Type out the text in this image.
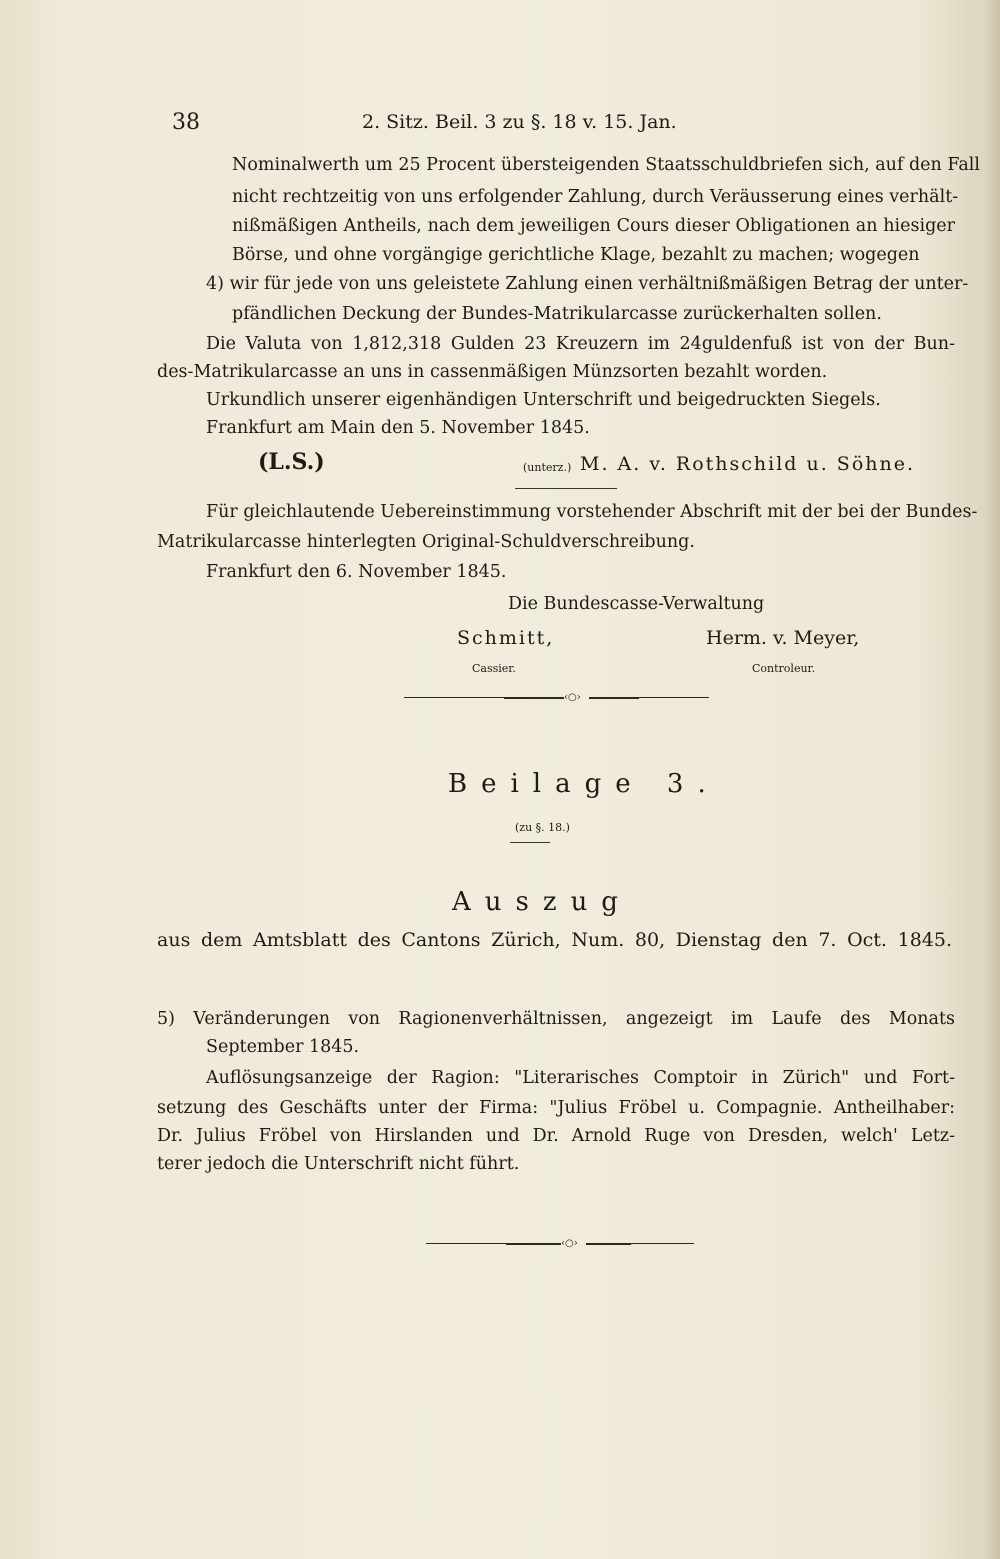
38	2. Sitz. Beil. 3 zu §. 18 v. 15. Jan.
Nominalwerth um 25 Procent übersteigenden Staatsschuldbriefen sich, auf den Fall
nicht rechtzeitig von uns erfolgender Zahlung, durch Veräusserung eines verhält-
nißmäßigen Antheils, nach dem jeweiligen Cours dieser Obligationen an hiesiger
Börse, und ohne vorgängige gerichtliche Klage, bezahlt zu machen; wogegen
4) wir für jede von uns geleistete Zahlung einen verhältnißmäßigen Betrag der unter-
pfändlichen Deckung der Bundes-Matrikularcasse zurückerhalten sollen.
Die Valuta von 1,812,318 Gulden 23 Kreuzern im 24guldenfuß ist von der Bun-
des-Matrikularcasse an uns in cassenmäßigen Münzsorten bezahlt worden.
Urkundlich unserer eigenhändigen Unterschrift und beigedruckten Siegels.
Frankfurt am Main den 5. November 1845.
(L.S.)	(unterz.) M. A. v. Rothschild u. Söhne.
Für gleichlautende Uebereinstimmung vorstehender Abschrift mit der bei der Bundes-
Matrikularcasse hinterlegten Original-Schuldverschreibung.
Frankfurt den 6. November 1845.
Die Bundescasse-Verwaltung
Schmitt,
Cassier.
Herm. v. Meyer,
Controleur.
‹○›
Beilage 3.
(zu §. 18.)
Auszug
aus dem Amtsblatt des Cantons Zürich, Num. 80, Dienstag den 7. Oct. 1845.
5) Veränderungen von Ragionenverhältnissen, angezeigt im Laufe des Monats
September 1845.
Auflösungsanzeige der Ragion: "Literarisches Comptoir in Zürich" und Fort-
setzung des Geschäfts unter der Firma: "Julius Fröbel u. Compagnie. Antheilhaber:
Dr. Julius Fröbel von Hirslanden und Dr. Arnold Ruge von Dresden, welch' Letz-
terer jedoch die Unterschrift nicht führt.
‹○›
